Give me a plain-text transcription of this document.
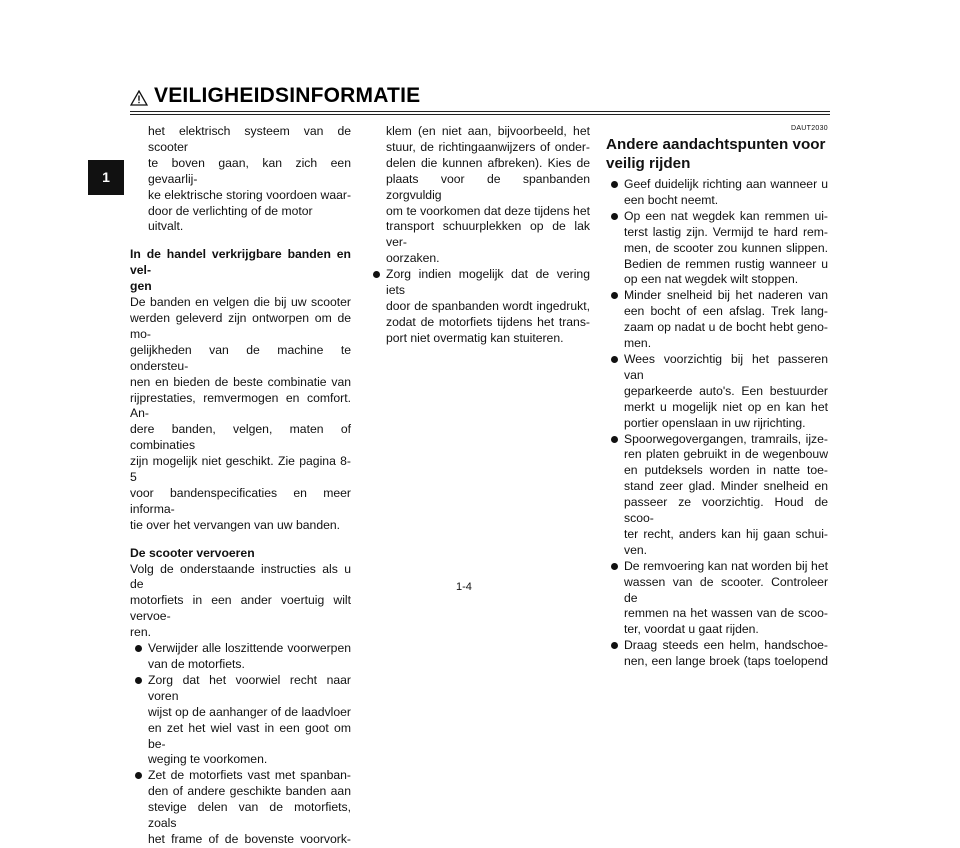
VEILIGHEIDSINFORMATIE
1
het elektrisch systeem van de scooter
te boven gaan, kan zich een gevaarlij-
ke elektrische storing voordoen waar-
door de verlichting of de motor uitvalt.
In de handel verkrijgbare banden en vel-
gen
De banden en velgen die bij uw scooter
werden geleverd zijn ontworpen om de mo-
gelijkheden van de machine te ondersteu-
nen en bieden de beste combinatie van
rijprestaties, remvermogen en comfort. An-
dere banden, velgen, maten of combinaties
zijn mogelijk niet geschikt. Zie pagina 8-5
voor bandenspecificaties en meer informa-
tie over het vervangen van uw banden.
De scooter vervoeren
Volg de onderstaande instructies als u de
motorfiets in een ander voertuig wilt vervoe-
ren.
Verwijder alle loszittende voorwerpen
van de motorfiets.
Zorg dat het voorwiel recht naar voren
wijst op de aanhanger of de laadvloer
en zet het wiel vast in een goot om be-
weging te voorkomen.
Zet de motorfiets vast met spanban-
den of andere geschikte banden aan
stevige delen van de motorfiets, zoals
het frame of de bovenste voorvork-
klem (en niet aan, bijvoorbeeld, het
stuur, de richtingaanwijzers of onder-
delen die kunnen afbreken). Kies de
plaats voor de spanbanden zorgvuldig
om te voorkomen dat deze tijdens het
transport schuurplekken op de lak ver-
oorzaken.
Zorg indien mogelijk dat de vering iets
door de spanbanden wordt ingedrukt,
zodat de motorfiets tijdens het trans-
port niet overmatig kan stuiteren.
DAUT2030
Andere aandachtspunten voor
veilig rijden
Geef duidelijk richting aan wanneer u
een bocht neemt.
Op een nat wegdek kan remmen ui-
terst lastig zijn. Vermijd te hard rem-
men, de scooter zou kunnen slippen.
Bedien de remmen rustig wanneer u
op een nat wegdek wilt stoppen.
Minder snelheid bij het naderen van
een bocht of een afslag. Trek lang-
zaam op nadat u de bocht hebt geno-
men.
Wees voorzichtig bij het passeren van
geparkeerde auto's. Een bestuurder
merkt u mogelijk niet op en kan het
portier openslaan in uw rijrichting.
Spoorwegovergangen, tramrails, ijze-
ren platen gebruikt in de wegenbouw
en putdeksels worden in natte toe-
stand zeer glad. Minder snelheid en
passeer ze voorzichtig. Houd de scoo-
ter recht, anders kan hij gaan schui-
ven.
De remvoering kan nat worden bij het
wassen van de scooter. Controleer de
remmen na het wassen van de scoo-
ter, voordat u gaat rijden.
Draag steeds een helm, handschoe-
nen, een lange broek (taps toelopend
1-4
